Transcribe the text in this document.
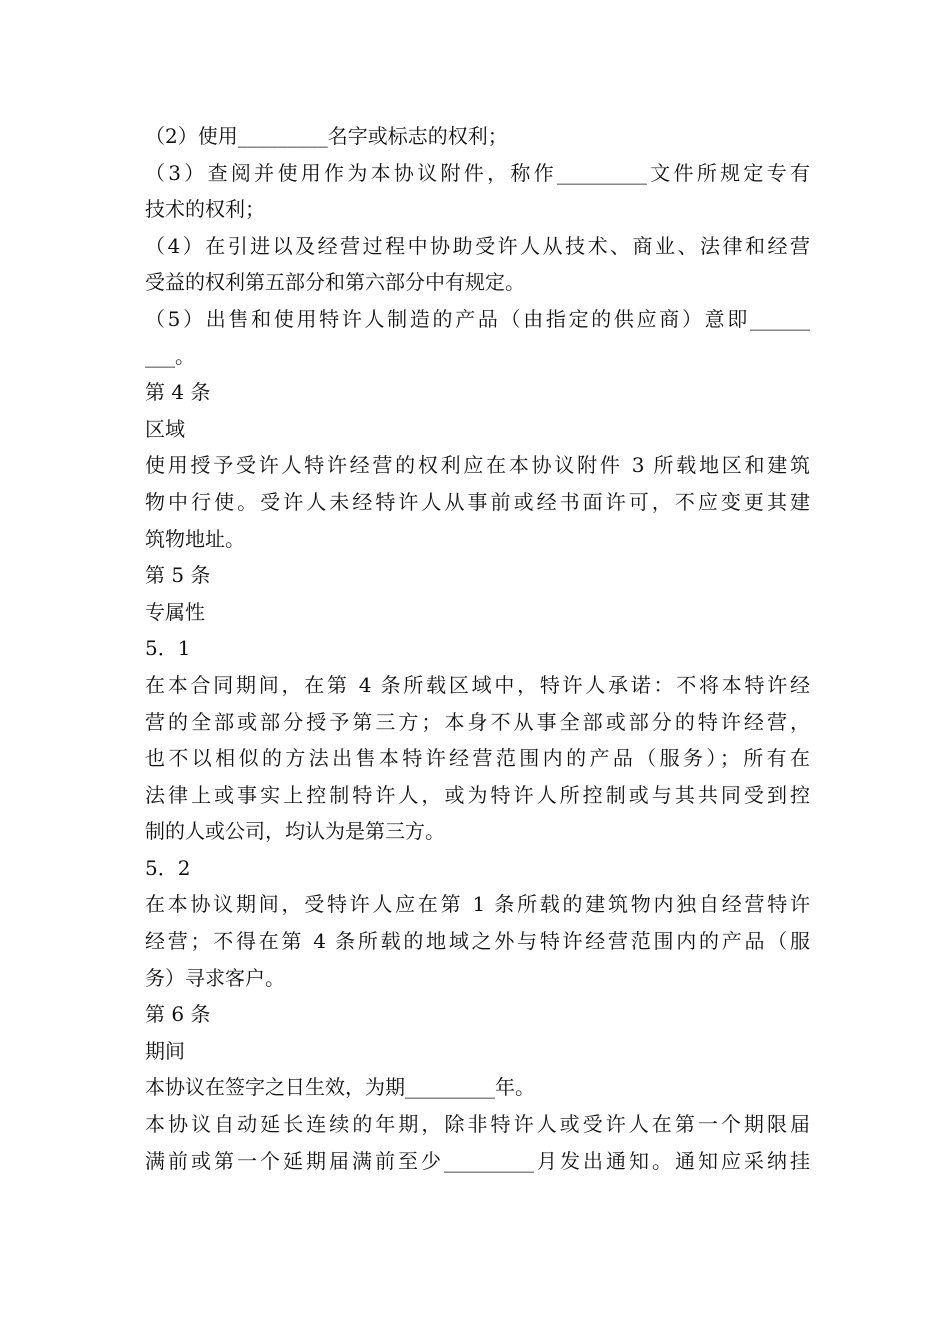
（2）使用_________名字或标志的权利；
（3）查阅并使用作为本协议附件，称作_________文件所规定专有
技术的权利；
（4）在引进以及经营过程中协助受许人从技术、商业、法律和经营
受益的权利第五部分和第六部分中有规定。
（5）出售和使用特许人制造的产品（由指定的供应商）意即______
___。
第 4 条
区域
使用授予受许人特许经营的权利应在本协议附件 3 所载地区和建筑
物中行使。受许人未经特许人从事前或经书面许可，不应变更其建
筑物地址。
第 5 条
专属性
5．1
在本合同期间，在第 4 条所载区域中，特许人承诺：不将本特许经
营的全部或部分授予第三方；本身不从事全部或部分的特许经营，
也不以相似的方法出售本特许经营范围内的产品（服务）；所有在
法律上或事实上控制特许人，或为特许人所控制或与其共同受到控
制的人或公司，均认为是第三方。
5．2
在本协议期间，受特许人应在第 1 条所载的建筑物内独自经营特许
经营；不得在第 4 条所载的地域之外与特许经营范围内的产品（服
务）寻求客户。
第 6 条
期间
本协议在签字之日生效，为期_________年。
本协议自动延长连续的年期，除非特许人或受许人在第一个期限届
满前或第一个延期届满前至少_________月发出通知。通知应采纳挂
